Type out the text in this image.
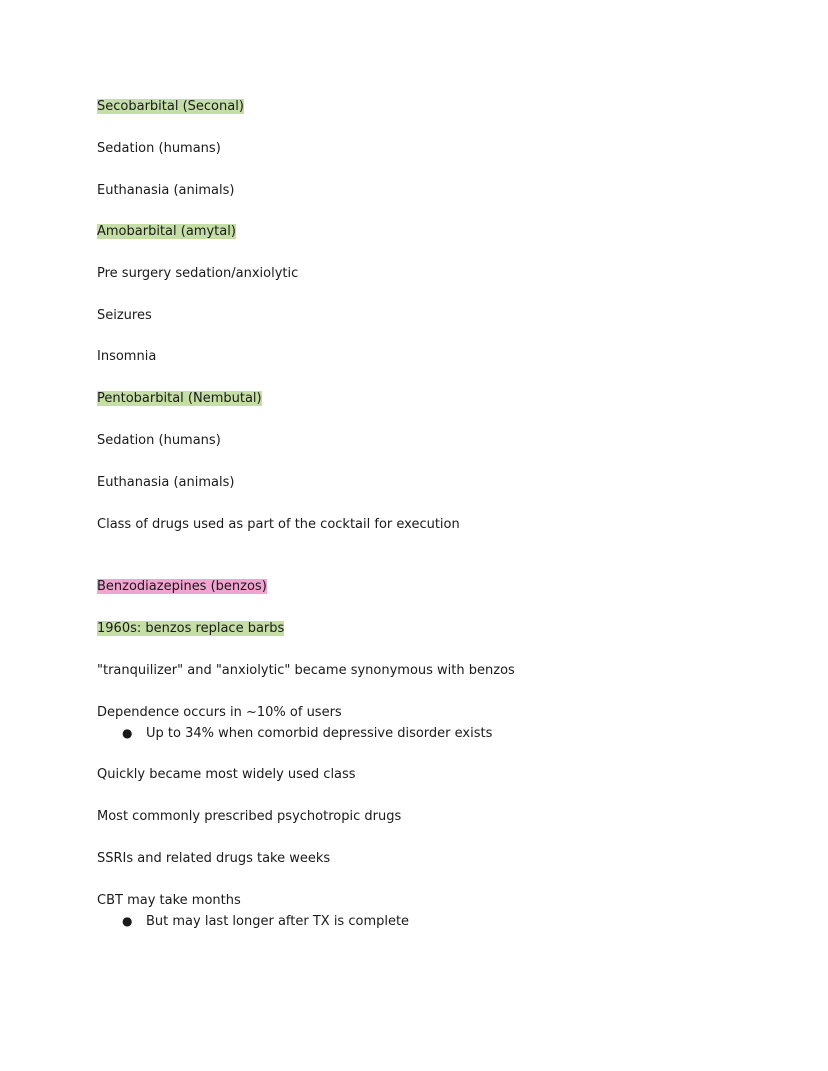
Secobarbital (Seconal)
Sedation (humans)
Euthanasia (animals)
Amobarbital (amytal)
Pre surgery sedation/anxiolytic
Seizures
Insomnia
Pentobarbital (Nembutal)
Sedation (humans)
Euthanasia (animals)
Class of drugs used as part of the cocktail for execution
Benzodiazepines (benzos)
1960s: benzos replace barbs
"tranquilizer" and "anxiolytic" became synonymous with benzos
Dependence occurs in ~10% of users
● Up to 34% when comorbid depressive disorder exists
Quickly became most widely used class
Most commonly prescribed psychotropic drugs
SSRIs and related drugs take weeks
CBT may take months
● But may last longer after TX is complete
